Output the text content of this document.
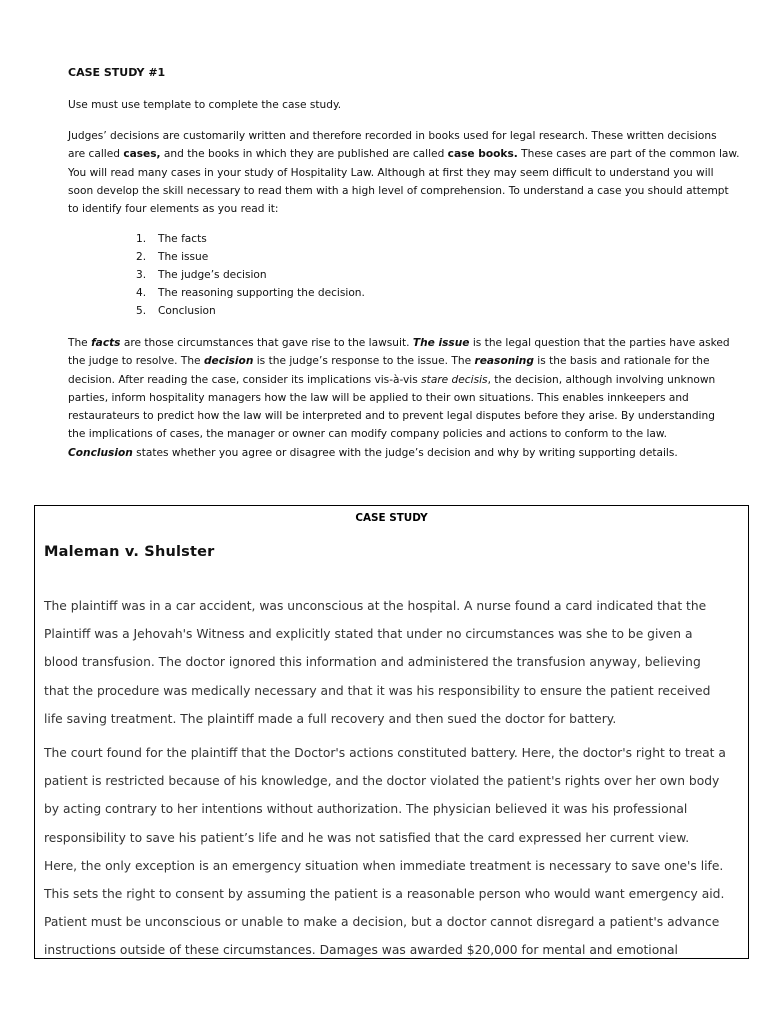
CASE STUDY #1
Use must use template to complete the case study.
Judges’ decisions are customarily written and therefore recorded in books used for legal research. These written decisions
are called cases, and the books in which they are published are called case books. These cases are part of the common law.
You will read many cases in your study of Hospitality Law. Although at first they may seem difficult to understand you will
soon develop the skill necessary to read them with a high level of comprehension. To understand a case you should attempt
to identify four elements as you read it:
1.	The facts
2.	The issue
3.	The judge’s decision
4.	The reasoning supporting the decision.
5.	Conclusion
The facts are those circumstances that gave rise to the lawsuit. The issue is the legal question that the parties have asked
the judge to resolve. The decision is the judge’s response to the issue. The reasoning is the basis and rationale for the
decision. After reading the case, consider its implications vis-à-vis stare decisis, the decision, although involving unknown
parties, inform hospitality managers how the law will be applied to their own situations. This enables innkeepers and
restaurateurs to predict how the law will be interpreted and to prevent legal disputes before they arise. By understanding
the implications of cases, the manager or owner can modify company policies and actions to conform to the law.
Conclusion states whether you agree or disagree with the judge’s decision and why by writing supporting details.
CASE STUDY
Maleman v. Shulster
The plaintiff was in a car accident, was unconscious at the hospital. A nurse found a card indicated that the
Plaintiff was a Jehovah's Witness and explicitly stated that under no circumstances was she to be given a
blood transfusion. The doctor ignored this information and administered the transfusion anyway, believing
that the procedure was medically necessary and that it was his responsibility to ensure the patient received
life saving treatment. The plaintiff made a full recovery and then sued the doctor for battery.
The court found for the plaintiff that the Doctor's actions constituted battery. Here, the doctor's right to treat a
patient is restricted because of his knowledge, and the doctor violated the patient's rights over her own body
by acting contrary to her intentions without authorization. The physician believed it was his professional
responsibility to save his patient’s life and he was not satisfied that the card expressed her current view.
Here, the only exception is an emergency situation when immediate treatment is necessary to save one's life.
This sets the right to consent by assuming the patient is a reasonable person who would want emergency aid.
Patient must be unconscious or unable to make a decision, but a doctor cannot disregard a patient's advance
instructions outside of these circumstances. Damages was awarded $20,000 for mental and emotional
